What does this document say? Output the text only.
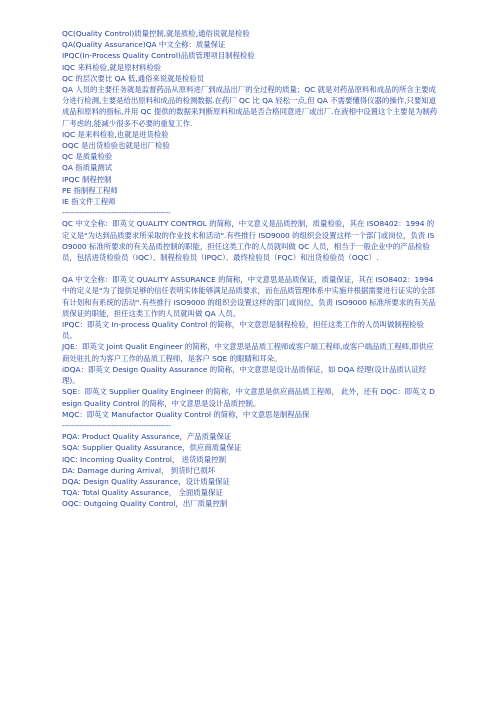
QC(Quality Control)质量控制,就是质检,通俗说就是检验
QA(Quality Assurance)QA 中文全称：质量保证
IPQC(In-Process Quality Control)品质管理项目制程检验
IQC 来料检验,就是原材料检验
QC 的层次要比 QA 低,通俗来说就是检验员
QA 人员的主要任务就是监督药品从原料进厂到成品出厂的全过程的质量；QC 就是对药品原料和成品的所含主要成分进行检测,主要是给出原料和成品的检测数据.在药厂 QC 比 QA 轻松一点,但 QA 不需要懂得仪器的操作,只要知道成品和原料的指标,并用 QC 提供的数据来判断原料和成品是否合格同意进厂或出厂.在液相中设置这个主要是为制药厂考虑的,能减少很多不必要的重复工作.
IQC 是来料检验,也就是进货检验
OQC 是出货检验也就是出厂检验
QC 是质量检验
QA 指质量测试
IPQC 制程控制
PE 指制程工程师
IE 指文件工程师
--------------------------------------------
QC 中文全称：即英文 QUALITY CONTROL 的简称，中文意义是品质控制，质量检验，其在 ISO8402：1994 的定义是"为达到品质要求所采取的作业技术和活动".有些推行 ISO9000 的组织会设置这样一个部门或岗位，负责 ISO9000 标准所要求的有关品质控制的职能，担任这类工作的人员就叫做 QC 人员，相当于一般企业中的产品检验员，包括进货检验员（IQC）、制程检验员（IPQC）、最终检验员（FQC）和出货检验员（OQC）.
QA 中文全称：即英文 QUALITY ASSURANCE 的简称，中文意思是品质保证，质量保证，其在 ISO8402：1994 中的定义是"为了提供足够的信任表明实体能够满足品质要求，而在品质管理体系中实施并根据需要进行证实的全部有计划和有系统的活动".有些推行 ISO9000 的组织会设置这样的部门或岗位，负责 ISO9000 标准所要求的有关品质保证的职能，担任这类工作的人员就叫做 QA 人员。
IPQC：即英文 In-process Quality Control 的简称，中文意思是制程检验，担任这类工作的人员叫做制程检验员。
JQE：即英文 Joint Qualit Engineer 的简称，中文意思是品质工程师或客户端工程师,或客户端品质工程师,即供应商处驻扎的为客户工作的品质工程师，是客户 SQE 的眼睛和耳朵。
iDQA：即英文 Design Quality Assurance 的简称，中文意思是设计品质保证，如 DQA 经理(设计品质认证经理)。
SQE：即英文 Supplier Quality Engineer 的简称，中文意思是供应商品质工程师， 此外，还有 DQC：即英文 Design Quality Control 的简称，中文意思是设计品质控制。
MQC：即英文 Manufactor Quality Control 的简称，中文意思是制程品保
--------------------------------------------
PQA: Product Quality Assurance，产品质量保证
SQA: Supplier Quality Assurance，供应商质量保证
IQC: Incoming Quality Control， 进货质量控制
DA: Damage during Arrival， 到货时已损坏
DQA: Design Quality Assurance，设计质量保证
TQA: Total Quality Assurance， 全面质量保证
OQC: Outgoing Quality Control，出厂质量控制
